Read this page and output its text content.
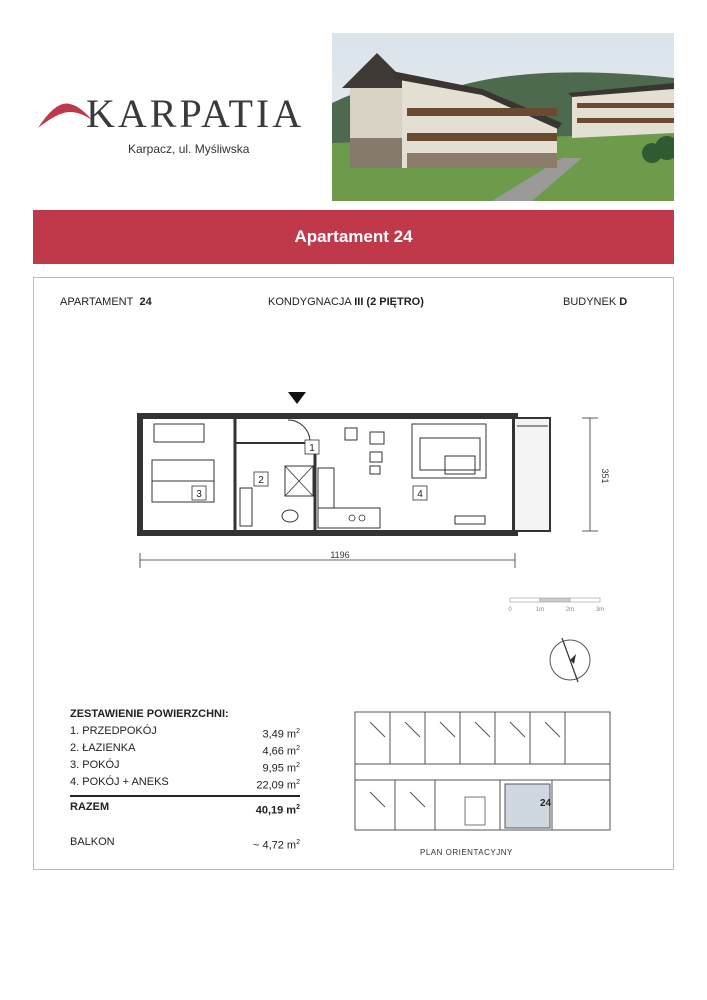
KARPATIA
Karpacz, ul. Myśliwska
Apartament 24
APARTAMENT 24	KONDYGNACJA III (2 PIĘTRO)	BUDYNEK D
1
2
3	4
1196
351
0	1m	2m	3m
ZESTAWIENIE POWIERZCHNI:
1. PRZEDPOKÓJ	3,49 $m^2$
2. ŁAZIENKA	4,66 $m^2$
3. POKÓJ	9,95 $m^2$
4. POKÓJ + ANEKS	22,09 $m^2$
RAZEM	40,19 $m^2$
BALKON	~ 4,72 $m^2$
24
PLAN ORIENTACYJNY
